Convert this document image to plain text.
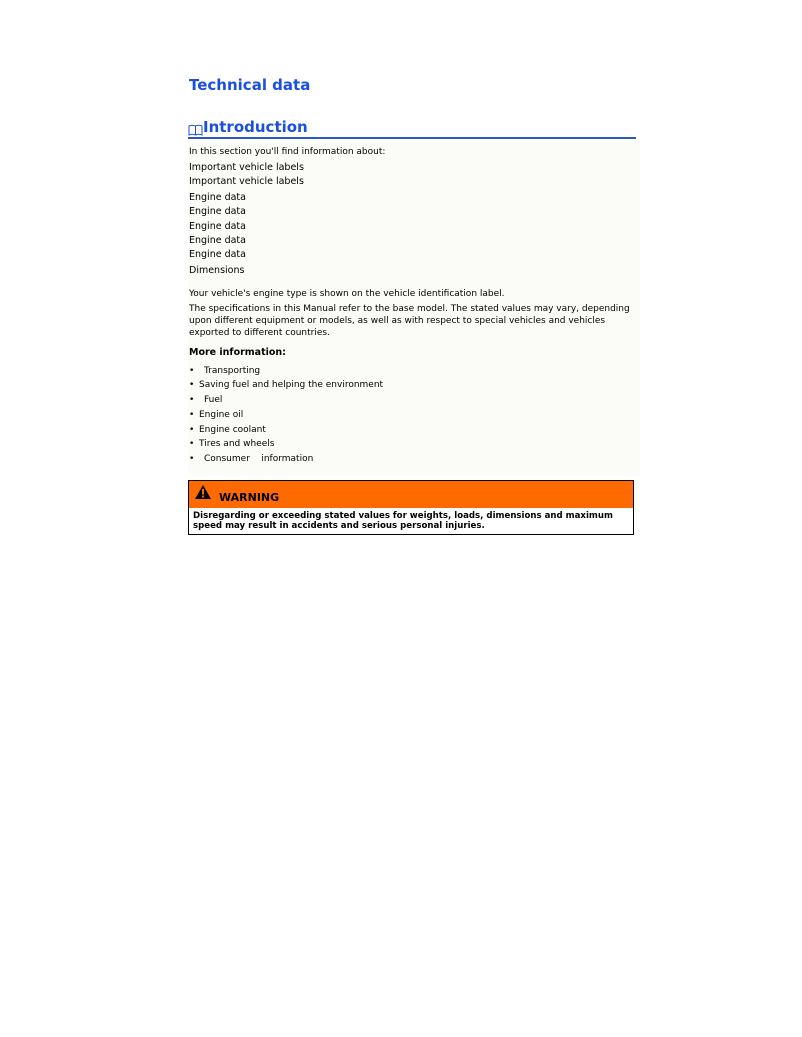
Technical data
Introduction
In this section you'll find information about:
Important vehicle labels
Important vehicle labels
Engine data
Engine data
Engine data
Engine data
Engine data
Dimensions
Your vehicle's engine type is shown on the vehicle identification label.
The specifications in this Manual refer to the base model. The stated values may vary, depending upon different equipment or models, as well as with respect to special vehicles and vehicles exported to different countries.
More information:
• Transporting
• Saving fuel and helping the environment
• Fuel
• Engine oil
• Engine coolant
• Tires and wheels
• Consumer    information
WARNING
Disregarding or exceeding stated values for weights, loads, dimensions and maximum speed may result in accidents and serious personal injuries.
